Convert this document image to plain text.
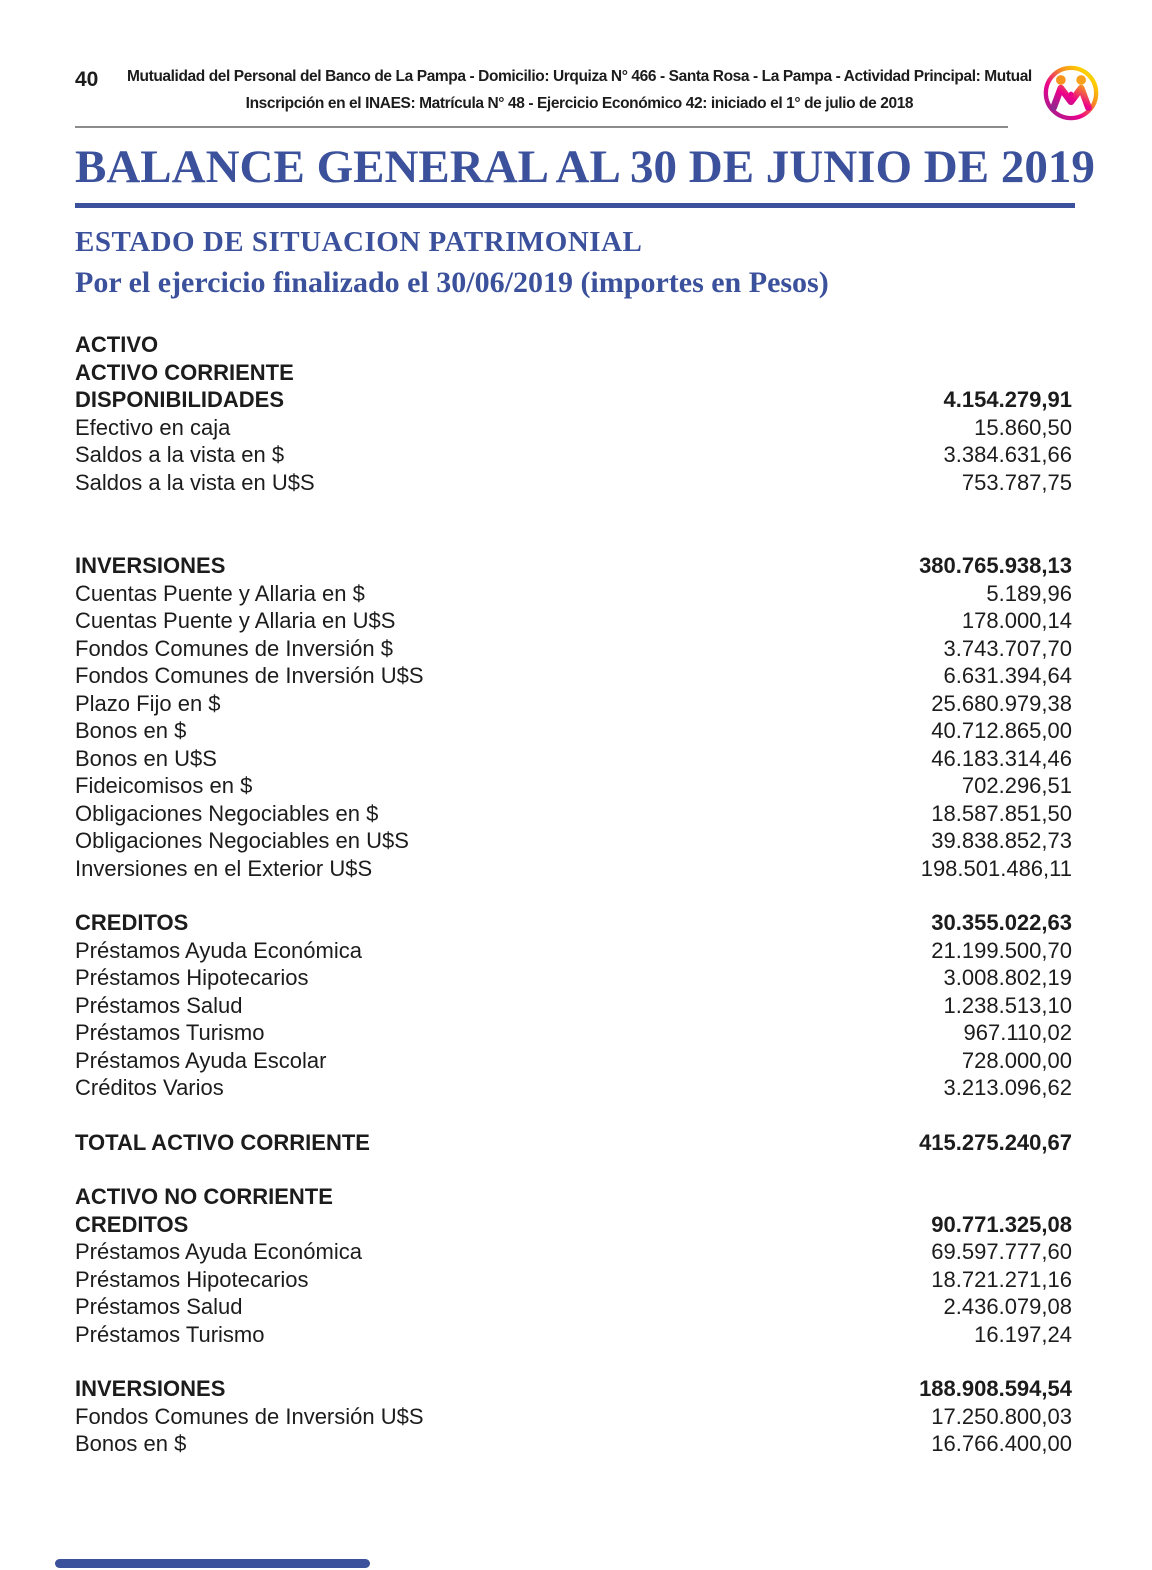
40	Mutualidad del Personal del Banco de La Pampa - Domicilio: Urquiza N° 466 - Santa Rosa - La Pampa - Actividad Principal: Mutual
Inscripción en el INAES: Matrícula N° 48 - Ejercicio Económico 42: iniciado el 1° de julio de 2018
BALANCE GENERAL AL 30 DE JUNIO DE 2019
ESTADO DE SITUACION PATRIMONIAL
Por el ejercicio finalizado el 30/06/2019 (importes en Pesos)
ACTIVO
ACTIVO CORRIENTE
DISPONIBILIDADES	4.154.279,91
Efectivo en caja	15.860,50
Saldos a la vista en $	3.384.631,66
Saldos a la vista en U$S	753.787,75
INVERSIONES	380.765.938,13
Cuentas Puente y Allaria en $	5.189,96
Cuentas Puente y Allaria en U$S	178.000,14
Fondos Comunes de Inversión $	3.743.707,70
Fondos Comunes de Inversión U$S	6.631.394,64
Plazo Fijo en $	25.680.979,38
Bonos en $	40.712.865,00
Bonos en U$S	46.183.314,46
Fideicomisos en $	702.296,51
Obligaciones Negociables en $	18.587.851,50
Obligaciones Negociables en U$S	39.838.852,73
Inversiones en el Exterior U$S	198.501.486,11
CREDITOS	30.355.022,63
Préstamos Ayuda Económica	21.199.500,70
Préstamos Hipotecarios	3.008.802,19
Préstamos Salud	1.238.513,10
Préstamos Turismo	967.110,02
Préstamos Ayuda Escolar	728.000,00
Créditos Varios	3.213.096,62
TOTAL ACTIVO CORRIENTE	415.275.240,67
ACTIVO NO CORRIENTE
CREDITOS	90.771.325,08
Préstamos Ayuda Económica	69.597.777,60
Préstamos Hipotecarios	18.721.271,16
Préstamos Salud	2.436.079,08
Préstamos Turismo	16.197,24
INVERSIONES	188.908.594,54
Fondos Comunes de Inversión U$S	17.250.800,03
Bonos en $	16.766.400,00
